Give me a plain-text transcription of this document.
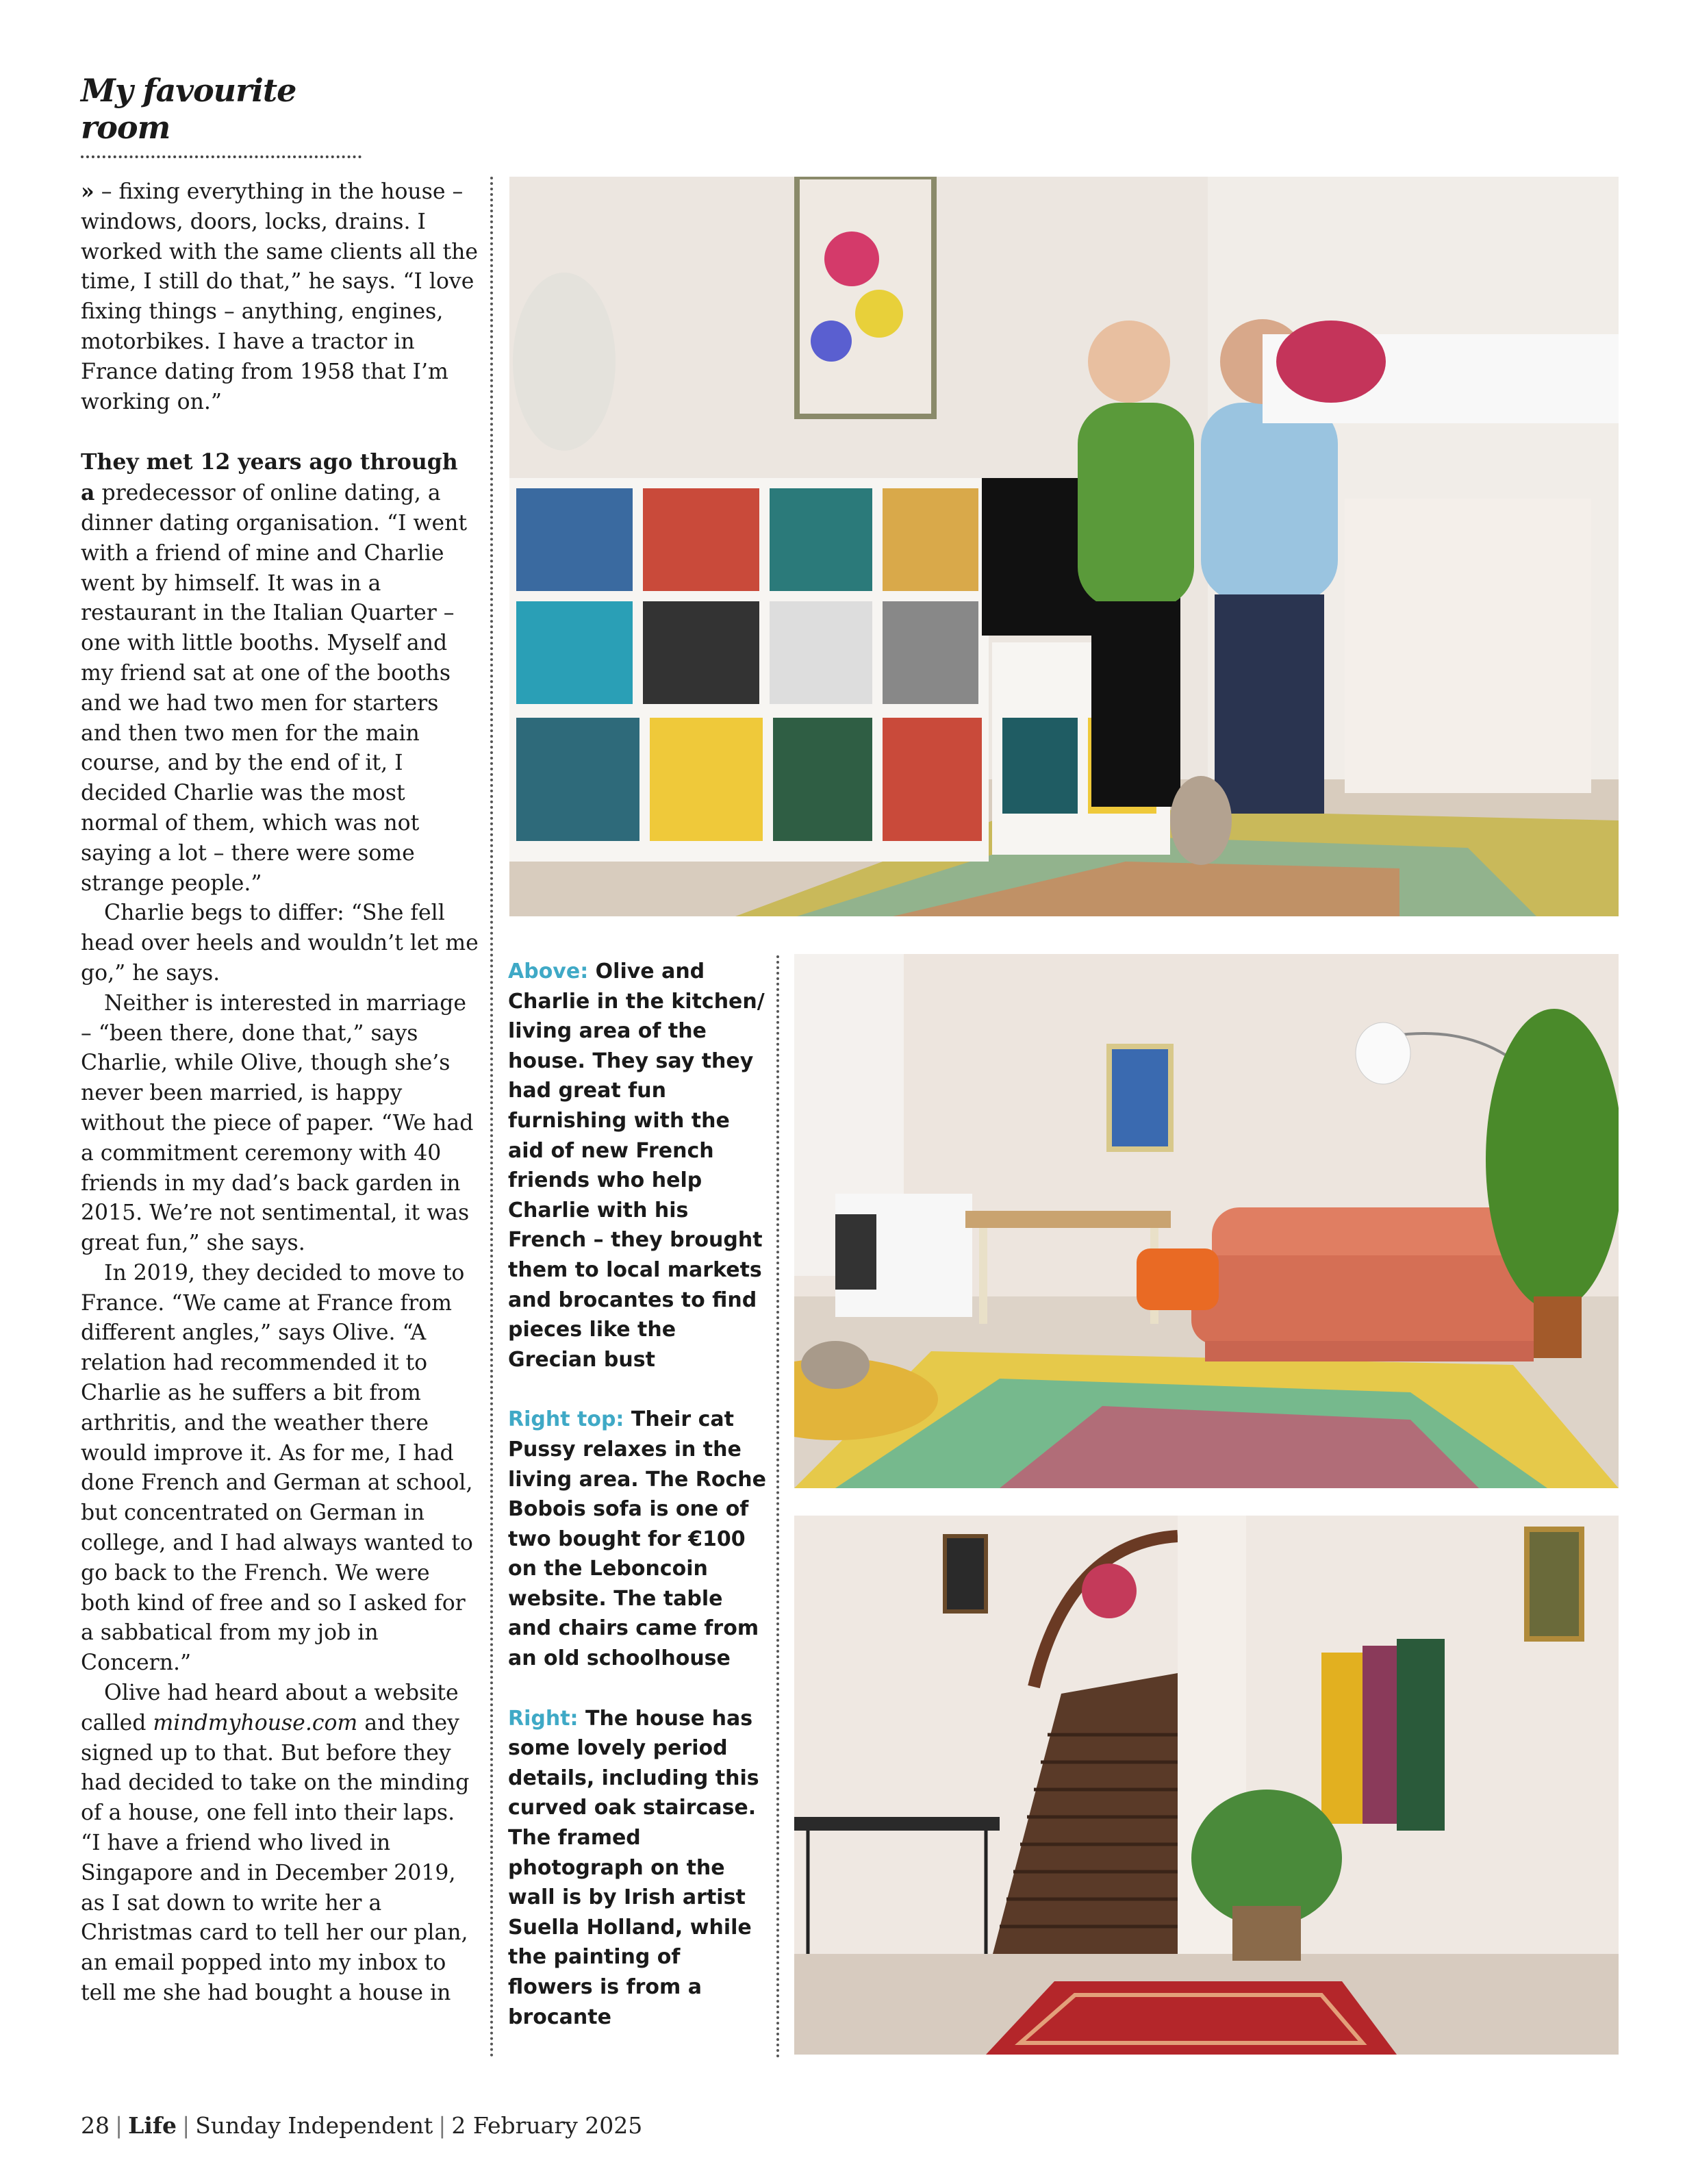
My favourite room

» – fixing everything in the house – windows, doors, locks, drains. I worked with the same clients all the time, I still do that,” he says. “I love fixing things – anything, engines, motorbikes. I have a tractor in France dating from 1958 that I’m working on.”

They met 12 years ago through a predecessor of online dating, a dinner dating organisation. “I went with a friend of mine and Charlie went by himself. It was in a restaurant in the Italian Quarter – one with little booths. Myself and my friend sat at one of the booths and we had two men for starters and then two men for the main course, and by the end of it, I decided Charlie was the most normal of them, which was not saying a lot – there were some strange people.”

Charlie begs to differ: “She fell head over heels and wouldn’t let me go,” he says.

Neither is interested in marriage – “been there, done that,” says Charlie, while Olive, though she’s never been married, is happy without the piece of paper. “We had a commitment ceremony with 40 friends in my dad’s back garden in 2015. We’re not sentimental, it was great fun,” she says.

In 2019, they decided to move to France. “We came at France from different angles,” says Olive. “A relation had recommended it to Charlie as he suffers a bit from arthritis, and the weather there would improve it. As for me, I had done French and German at school, but concentrated on German in college, and I had always wanted to go back to the French. We were both kind of free and so I asked for a sabbatical from my job in Concern.”

Olive had heard about a website called mindmyhouse.com and they signed up to that. But before they had decided to take on the minding of a house, one fell into their laps. “I have a friend who lived in Singapore and in December 2019, as I sat down to write her a Christmas card to tell her our plan, an email popped into my inbox to tell me she had bought a house in

Above: Olive and Charlie in the kitchen/ living area of the house. They say they had great fun furnishing with the aid of new French friends who help Charlie with his French – they brought them to local markets and brocantes to find pieces like the Grecian bust

Right top: Their cat Pussy relaxes in the living area. The Roche Bobois sofa is one of two bought for €100 on the Leboncoin website. The table and chairs came from an old schoolhouse

Right: The house has some lovely period details, including this curved oak staircase. The framed photograph on the wall is by Irish artist Suella Holland, while the painting of flowers is from a brocante

28 | Life | Sunday Independent | 2 February 2025
